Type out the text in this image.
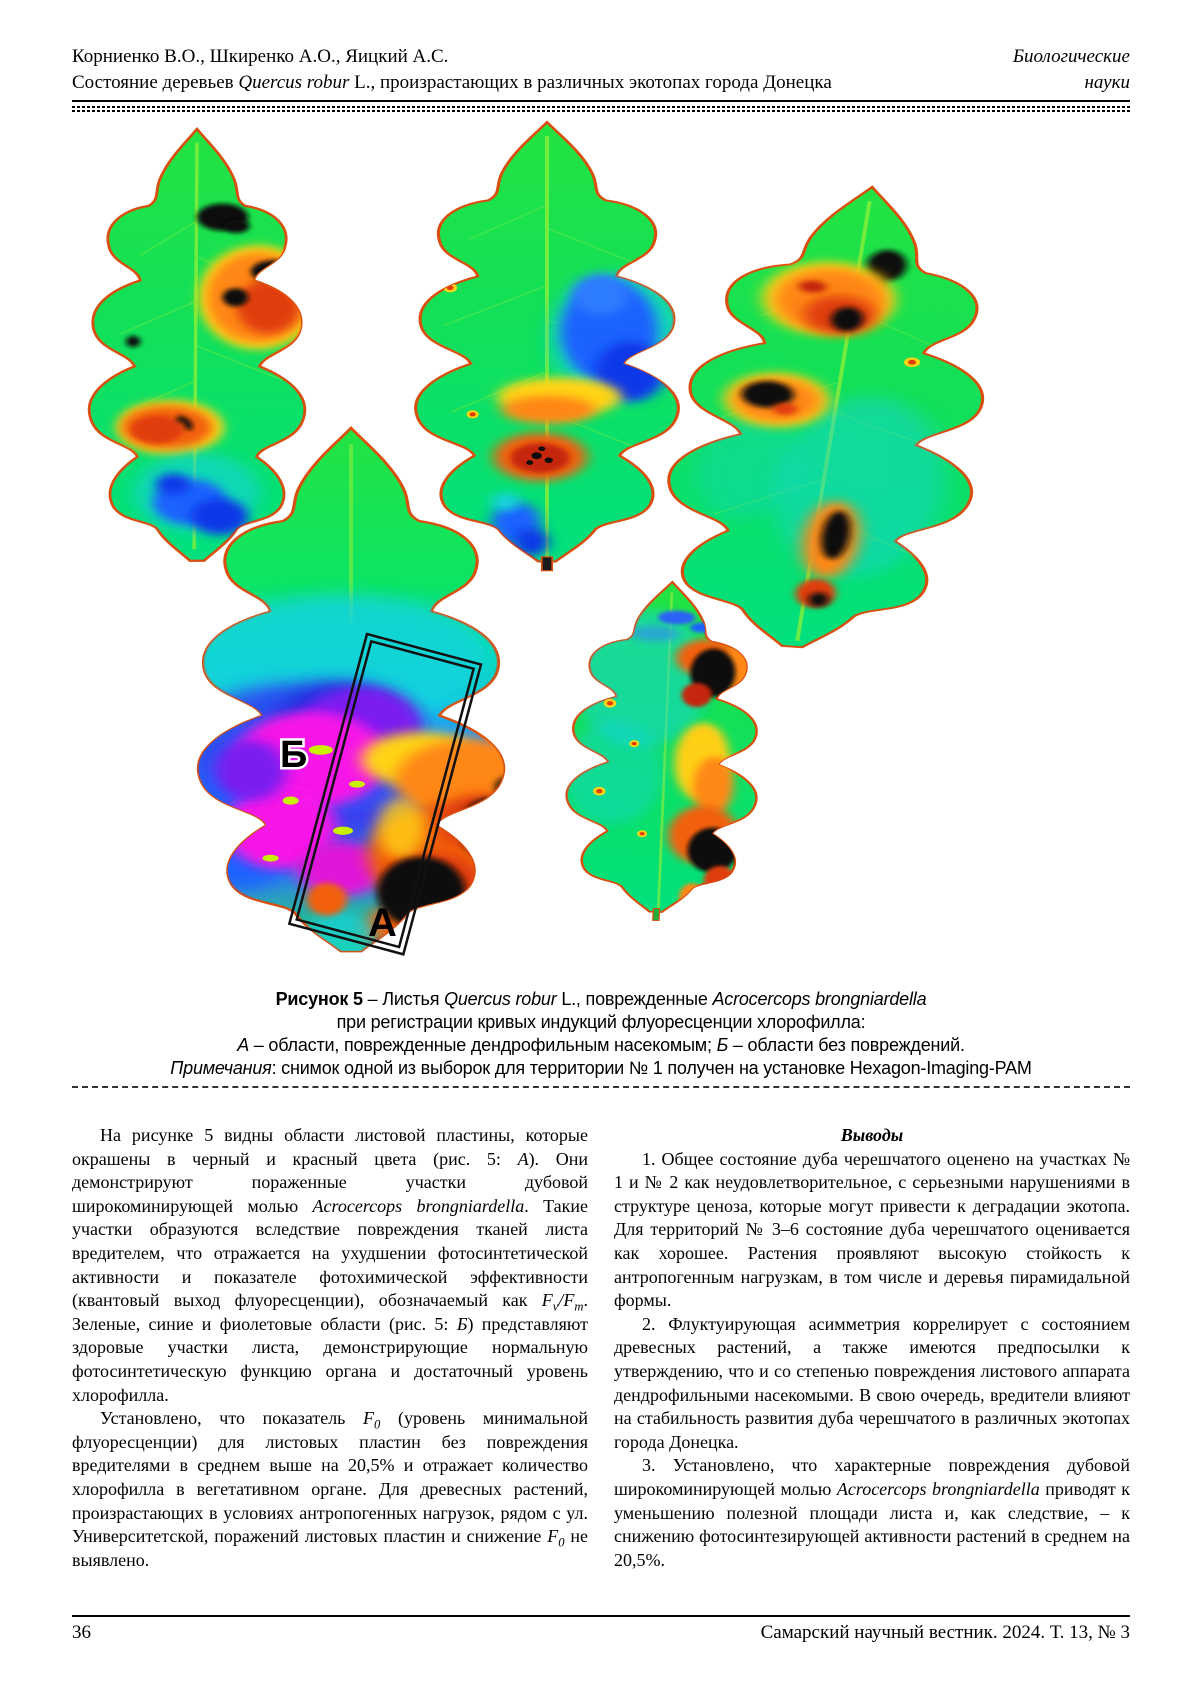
Корниенко В.О., Шкиренко А.О., Яицкий А.С.	Биологические
Состояние деревьев Quercus robur L., произрастающих в различных экотопах города Донецка	науки
Б
А
Рисунок 5 – Листья Quercus robur L., поврежденные Acrocercops brongniardella
при регистрации кривых индукций флуоресценции хлорофилла:
А – области, поврежденные дендрофильным насекомым; Б – области без повреждений.
Примечания: снимок одной из выборок для территории № 1 получен на установке Hexagon-Imaging-PAM

На рисунке 5 видны области листовой пластины, которые окрашены в черный и красный цвета (рис. 5: А). Они демонстрируют пораженные участки дубовой широкоминирующей молью Acrocercops brongniardella. Такие участки образуются вследствие повреждения тканей листа вредителем, что отражается на ухудшении фотосинтетической активности и показателе фотохимической эффективности (квантовый выход флуоресценции), обозначаемый как $F_v/F_m$. Зеленые, синие и фиолетовые области (рис. 5: Б) представляют здоровые участки листа, демонстрирующие нормальную фотосинтетическую функцию органа и достаточный уровень хлорофилла.

Установлено, что показатель $F_0$ (уровень минимальной флуоресценции) для листовых пластин без повреждения вредителями в среднем выше на 20,5% и отражает количество хлорофилла в вегетативном органе. Для древесных растений, произрастающих в условиях антропогенных нагрузок, рядом с ул. Университетской, поражений листовых пластин и снижение $F_0$ не выявлено.

Выводы

1. Общее состояние дуба черешчатого оценено на участках № 1 и № 2 как неудовлетворительное, с серьезными нарушениями в структуре ценоза, которые могут привести к деградации экотопа. Для территорий № 3–6 состояние дуба черешчатого оценивается как хорошее. Растения проявляют высокую стойкость к антропогенным нагрузкам, в том числе и деревья пирамидальной формы.

2. Флуктуирующая асимметрия коррелирует с состоянием древесных растений, а также имеются предпосылки к утверждению, что и со степенью повреждения листового аппарата дендрофильными насекомыми. В свою очередь, вредители влияют на стабильность развития дуба черешчатого в различных экотопах города Донецка.

3. Установлено, что характерные повреждения дубовой широкоминирующей молью Acrocercops brongniardella приводят к уменьшению полезной площади листа и, как следствие, – к снижению фотосинтезирующей активности растений в среднем на 20,5%.

36	Самарский научный вестник. 2024. Т. 13, № 3
